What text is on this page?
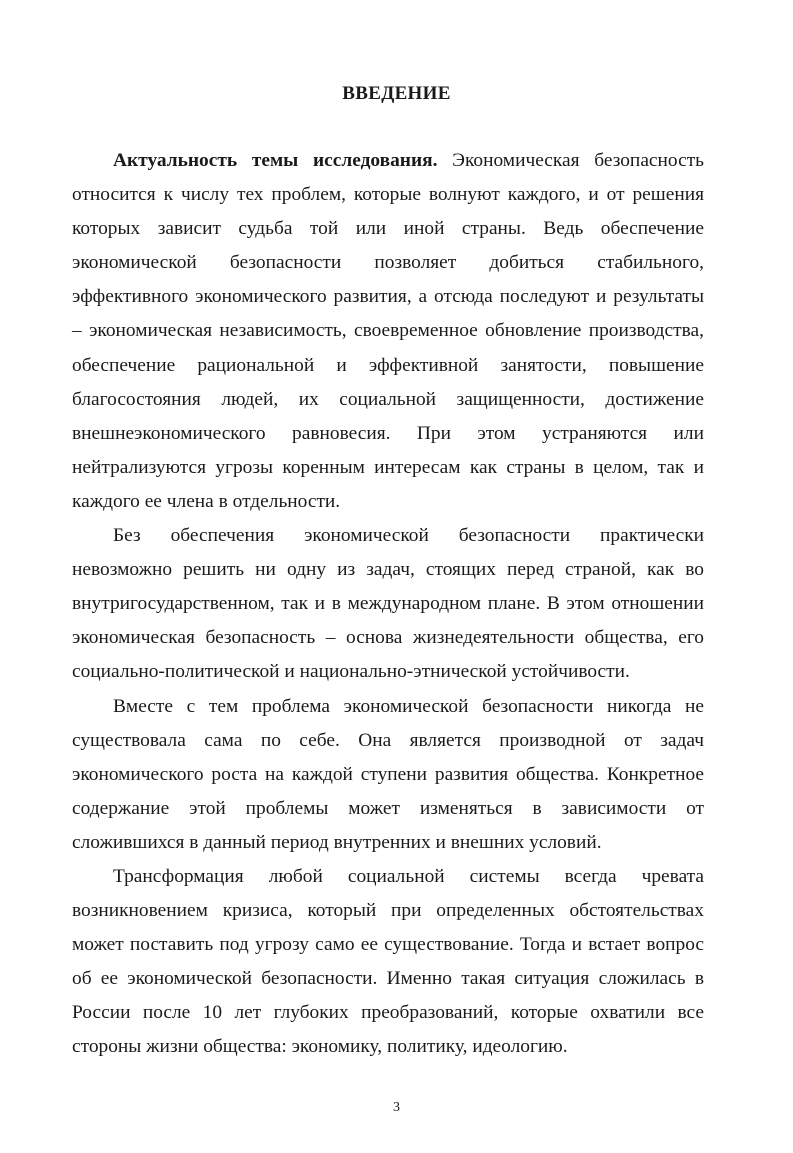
ВВЕДЕНИЕ

Актуальность темы исследования. Экономическая безопасность относится к числу тех проблем, которые волнуют каждого, и от решения которых зависит судьба той или иной страны. Ведь обеспечение экономической безопасности позволяет добиться стабильного, эффективного экономического развития, а отсюда последуют и результаты – экономическая независимость, своевременное обновление производства, обеспечение рациональной и эффективной занятости, повышение благосостояния людей, их социальной защищенности, достижение внешнеэкономического равновесия. При этом устраняются или нейтрализуются угрозы коренным интересам как страны в целом, так и каждого ее члена в отдельности.

Без обеспечения экономической безопасности практически невозможно решить ни одну из задач, стоящих перед страной, как во внутригосударственном, так и в международном плане. В этом отношении экономическая безопасность – основа жизнедеятельности общества, его социально-политической и национально-этнической устойчивости.

Вместе с тем проблема экономической безопасности никогда не существовала сама по себе. Она является производной от задач экономического роста на каждой ступени развития общества. Конкретное содержание этой проблемы может изменяться в зависимости от сложившихся в данный период внутренних и внешних условий.

Трансформация любой социальной системы всегда чревата возникновением кризиса, который при определенных обстоятельствах может поставить под угрозу само ее существование. Тогда и встает вопрос об ее экономической безопасности. Именно такая ситуация сложилась в России после 10 лет глубоких преобразований, которые охватили все стороны жизни общества: экономику, политику, идеологию.

3
